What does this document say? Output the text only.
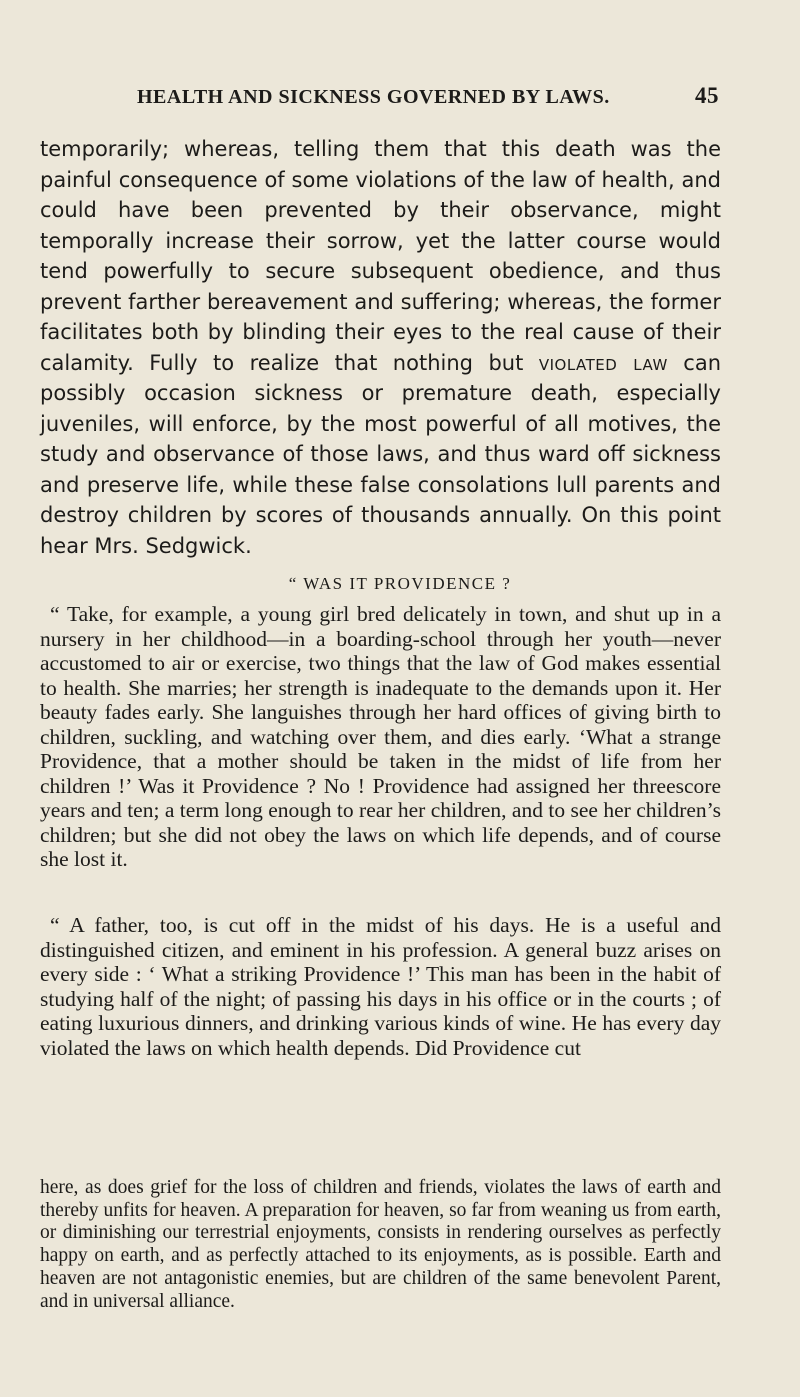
HEALTH AND SICKNESS GOVERNED BY LAWS.	45

temporarily; whereas, telling them that this death was the painful consequence of some violations of the law of health, and could have been prevented by their observance, might temporally increase their sorrow, yet the latter course would tend powerfully to secure subsequent obedience, and thus prevent farther bereavement and suffering; whereas, the former facilitates both by blinding their eyes to the real cause of their calamity. Fully to realize that nothing but violated law can possibly occasion sickness or premature death, especially juveniles, will enforce, by the most powerful of all motives, the study and observance of those laws, and thus ward off sickness and preserve life, while these false consolations lull parents and destroy children by scores of thousands annually. On this point hear Mrs. Sedgwick.

“ WAS IT PROVIDENCE ?

“ Take, for example, a young girl bred delicately in town, and shut up in a nursery in her childhood—in a boarding-school through her youth—never accustomed to air or exercise, two things that the law of God makes essential to health. She marries; her strength is inadequate to the demands upon it. Her beauty fades early. She languishes through her hard offices of giving birth to children, suckling, and watching over them, and dies early. ‘What a strange Providence, that a mother should be taken in the midst of life from her children !’ Was it Providence ? No ! Providence had assigned her threescore years and ten; a term long enough to rear her children, and to see her children’s children; but she did not obey the laws on which life depends, and of course she lost it.

“ A father, too, is cut off in the midst of his days. He is a useful and distinguished citizen, and eminent in his profession. A general buzz arises on every side : ‘ What a striking Providence !’ This man has been in the habit of studying half of the night; of passing his days in his office or in the courts ; of eating luxurious dinners, and drinking various kinds of wine. He has every day violated the laws on which health depends. Did Providence cut

here, as does grief for the loss of children and friends, violates the laws of earth and thereby unfits for heaven. A preparation for heaven, so far from weaning us from earth, or diminishing our terrestrial enjoyments, consists in rendering ourselves as perfectly happy on earth, and as perfectly attached to its enjoyments, as is possible. Earth and heaven are not antagonistic enemies, but are children of the same benevolent Parent, and in universal alliance.
